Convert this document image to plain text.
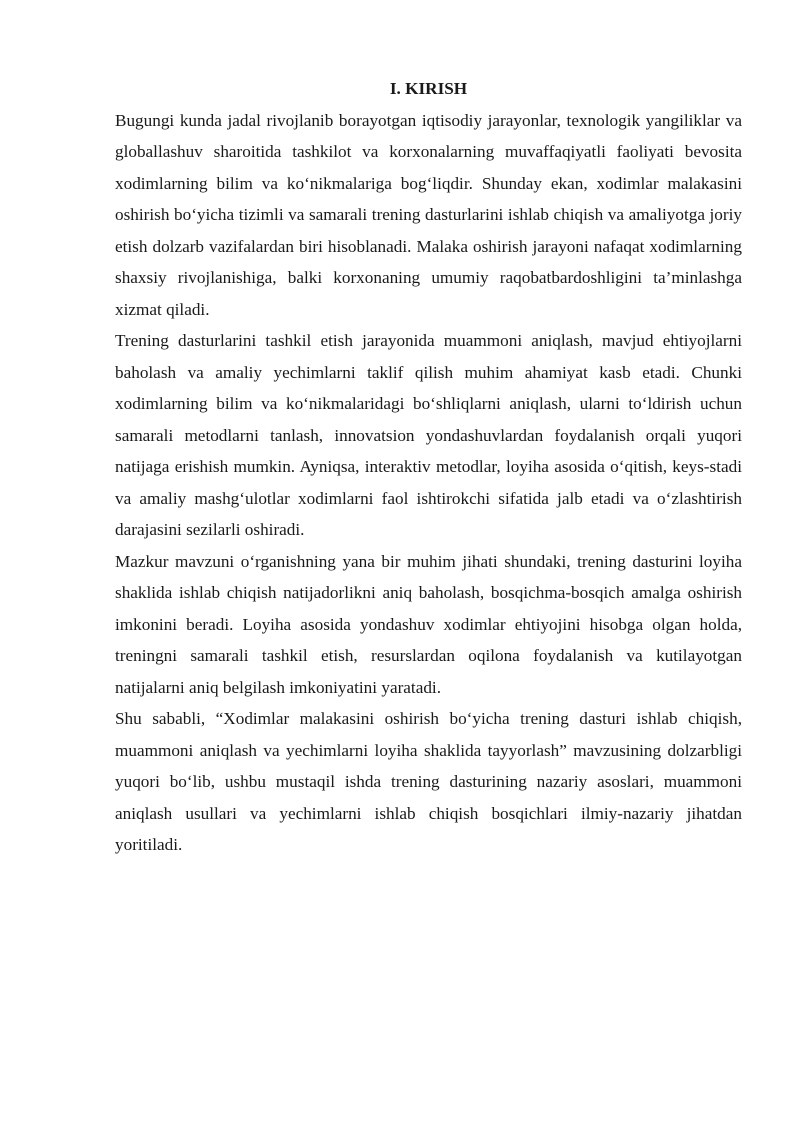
I. KIRISH

Bugungi kunda jadal rivojlanib borayotgan iqtisodiy jarayonlar, texnologik yangiliklar va globallashuv sharoitida tashkilot va korxonalarning muvaffaqiyatli faoliyati bevosita xodimlarning bilim va ko‘nikmalariga bog‘liqdir. Shunday ekan, xodimlar malakasini oshirish bo‘yicha tizimli va samarali trening dasturlarini ishlab chiqish va amaliyotga joriy etish dolzarb vazifalardan biri hisoblanadi. Malaka oshirish jarayoni nafaqat xodimlarning shaxsiy rivojlanishiga, balki korxonaning umumiy raqobatbardoshligini ta’minlashga xizmat qiladi.

Trening dasturlarini tashkil etish jarayonida muammoni aniqlash, mavjud ehtiyojlarni baholash va amaliy yechimlarni taklif qilish muhim ahamiyat kasb etadi. Chunki xodimlarning bilim va ko‘nikmalaridagi bo‘shliqlarni aniqlash, ularni to‘ldirish uchun samarali metodlarni tanlash, innovatsion yondashuvlardan foydalanish orqali yuqori natijaga erishish mumkin. Ayniqsa, interaktiv metodlar, loyiha asosida o‘qitish, keys-stadi va amaliy mashg‘ulotlar xodimlarni faol ishtirokchi sifatida jalb etadi va o‘zlashtirish darajasini sezilarli oshiradi.

Mazkur mavzuni o‘rganishning yana bir muhim jihati shundaki, trening dasturini loyiha shaklida ishlab chiqish natijadorlikni aniq baholash, bosqichma-bosqich amalga oshirish imkonini beradi. Loyiha asosida yondashuv xodimlar ehtiyojini hisobga olgan holda, treningni samarali tashkil etish, resurslardan oqilona foydalanish va kutilayotgan natijalarni aniq belgilash imkoniyatini yaratadi.

Shu sababli, “Xodimlar malakasini oshirish bo‘yicha trening dasturi ishlab chiqish, muammoni aniqlash va yechimlarni loyiha shaklida tayyorlash” mavzusining dolzarbligi yuqori bo‘lib, ushbu mustaqil ishda trening dasturining nazariy asoslari, muammoni aniqlash usullari va yechimlarni ishlab chiqish bosqichlari ilmiy-nazariy jihatdan yoritiladi.
